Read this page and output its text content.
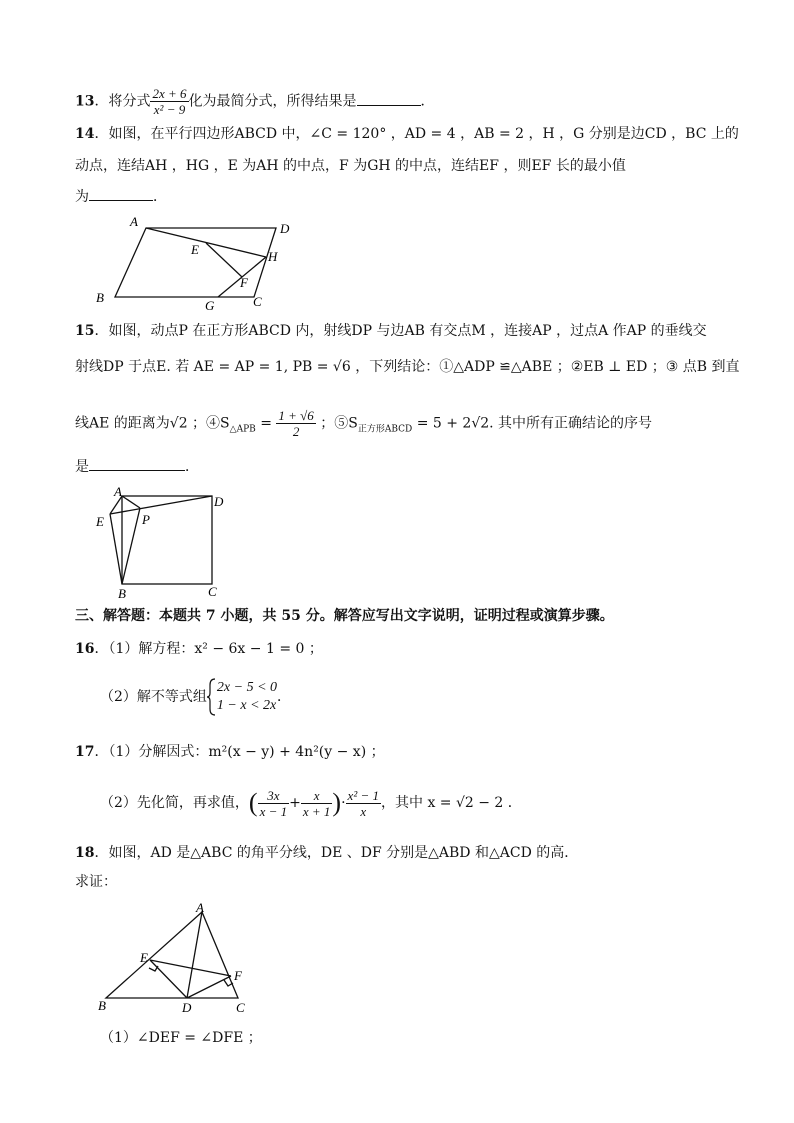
13．将分式 $\frac{2x + 6}{\text{x² − 9}}$ 化为最简分式，所得结果是	．
14．如图，在平行四边形ABCD 中，∠C = 120° ，AD = 4 ，AB = 2 ，H ，G 分别是边CD ，BC 上的
动点，连结AH ，HG ，E 为AH 的中点，F 为GH 的中点，连结EF ，则EF 长的最小值
为	．
A	D
E	H
F
B
G	C
15．如图，动点P 在正方形ABCD 内，射线DP 与边AB 有交点M ，连接AP ，过点A 作AP 的垂线交
射线DP 于点E. 若 AE = AP = 1, PB = √6 ，下列结论：①△ADP ≌△ABE ；②EB ⊥ ED ；③ 点B 到直
线AE 的距离为√2 ；$④S_{\triangle APB} = \frac{1 + √6}{2}$ ；$⑤S_{正方形ABCD} = 5 + 2√2$. 其中所有正确结论的序号
是	．
A
D
E	P
B	C
三、解答题：本题共 7 小题，共 55 分。解答应写出文字说明，证明过程或演算步骤。
16．（1）解方程：x² − 6x − 1 = 0 ；
（2）解不等式组
2x − 5 < 0
1 − x < 2x
．
17．（1）分解因式：m²(x − y) + 4n²(y − x) ；
（2）先化简，再求值，( $\frac{3x}{x - 1} + \frac{x}{x + 1}$ )· $\frac{\text{x² − 1}}{x}$ ，其中 x = √2 − 2 ．
18．如图，AD 是△ABC 的角平分线，DE 、DF 分别是△ABD 和△ACD 的高．
求证：
A
E
F
B	D	C
（1）∠DEF = ∠DFE ；
